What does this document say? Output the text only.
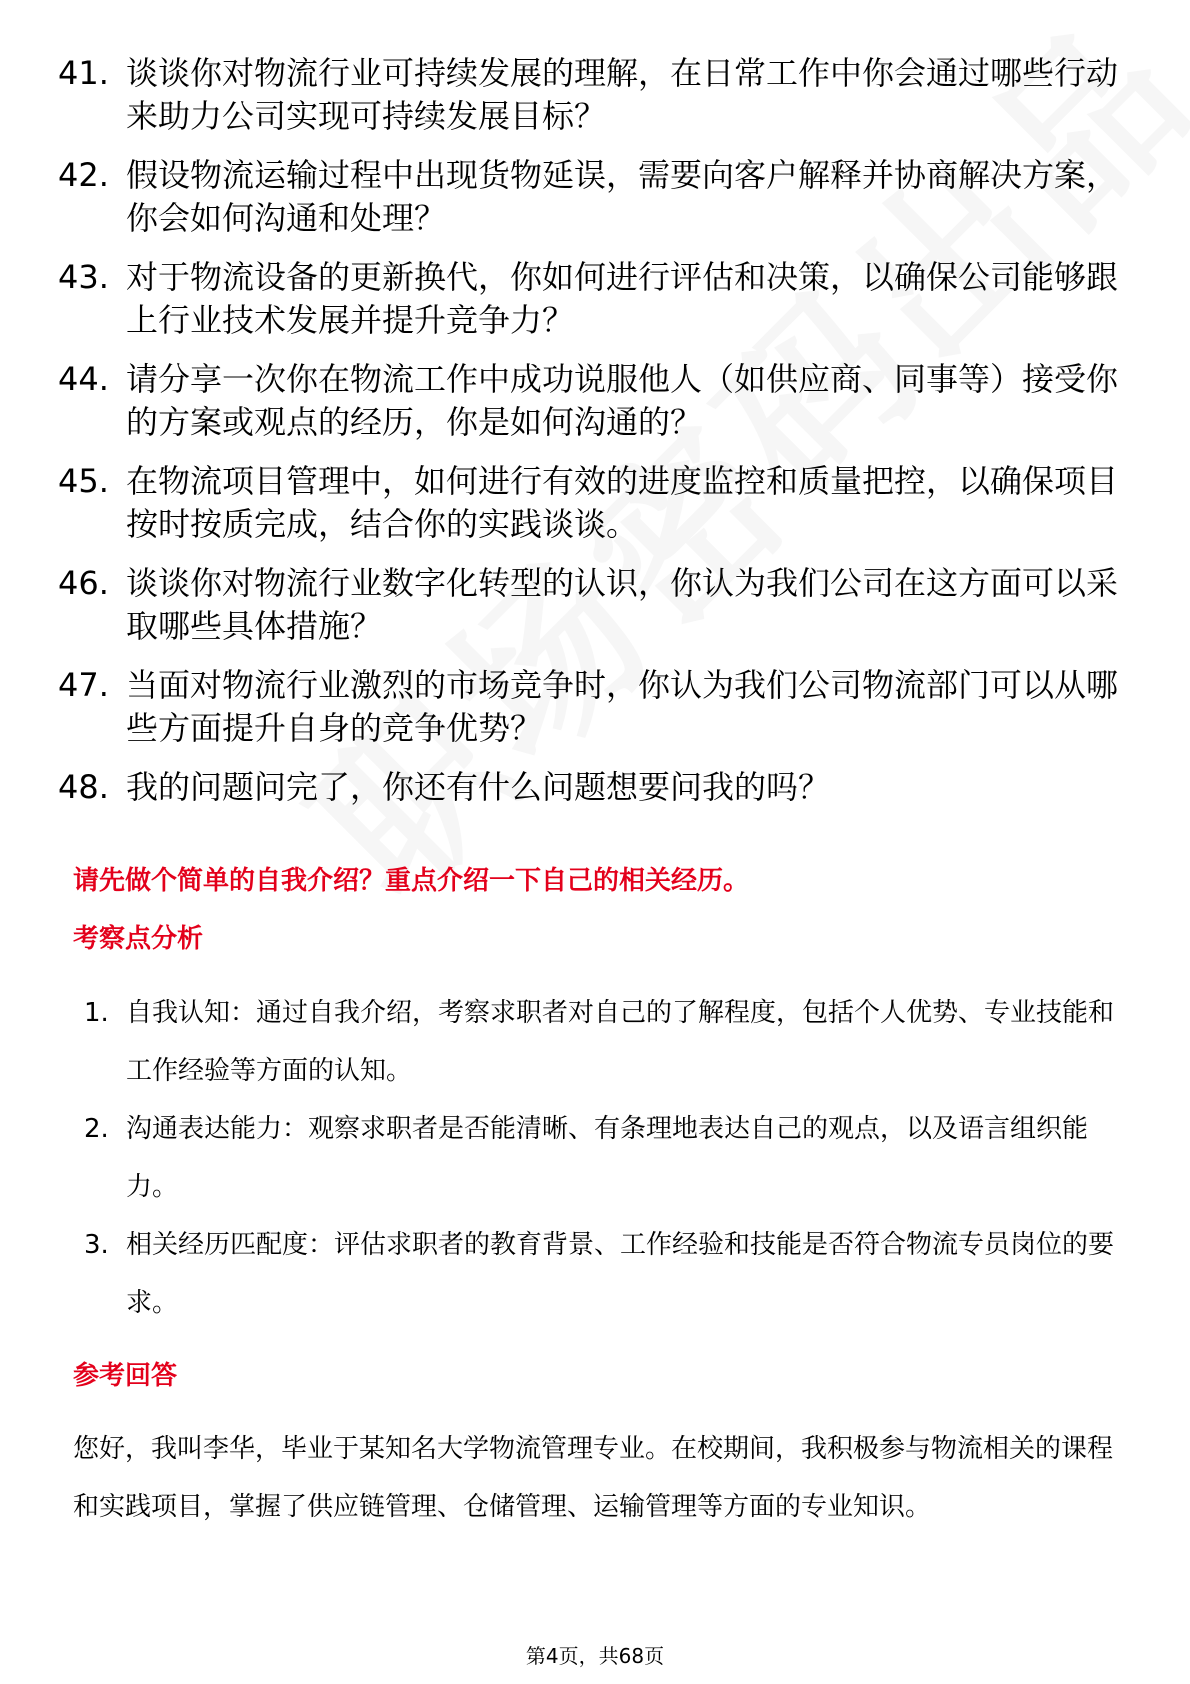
41. 谈谈你对物流行业可持续发展的理解，在日常工作中你会通过哪些行动来助力公司实现可持续发展目标？
42. 假设物流运输过程中出现货物延误，需要向客户解释并协商解决方案，你会如何沟通和处理？
43. 对于物流设备的更新换代，你如何进行评估和决策，以确保公司能够跟上行业技术发展并提升竞争力？
44. 请分享一次你在物流工作中成功说服他人（如供应商、同事等）接受你的方案或观点的经历，你是如何沟通的？
45. 在物流项目管理中，如何进行有效的进度监控和质量把控，以确保项目按时按质完成，结合你的实践谈谈。
46. 谈谈你对物流行业数字化转型的认识，你认为我们公司在这方面可以采取哪些具体措施？
47. 当面对物流行业激烈的市场竞争时，你认为我们公司物流部门可以从哪些方面提升自身的竞争优势？
48. 我的问题问完了，你还有什么问题想要问我的吗？
请先做个简单的自我介绍？重点介绍一下自己的相关经历。
考察点分析
1. 自我认知：通过自我介绍，考察求职者对自己的了解程度，包括个人优势、专业技能和工作经验等方面的认知。
2. 沟通表达能力：观察求职者是否能清晰、有条理地表达自己的观点，以及语言组织能力。
3. 相关经历匹配度：评估求职者的教育背景、工作经验和技能是否符合物流专员岗位的要求。
参考回答

您好，我叫李华，毕业于某知名大学物流管理专业。在校期间，我积极参与物流相关的课程和实践项目，掌握了供应链管理、仓储管理、运输管理等方面的专业知识。

第4页，共68页
